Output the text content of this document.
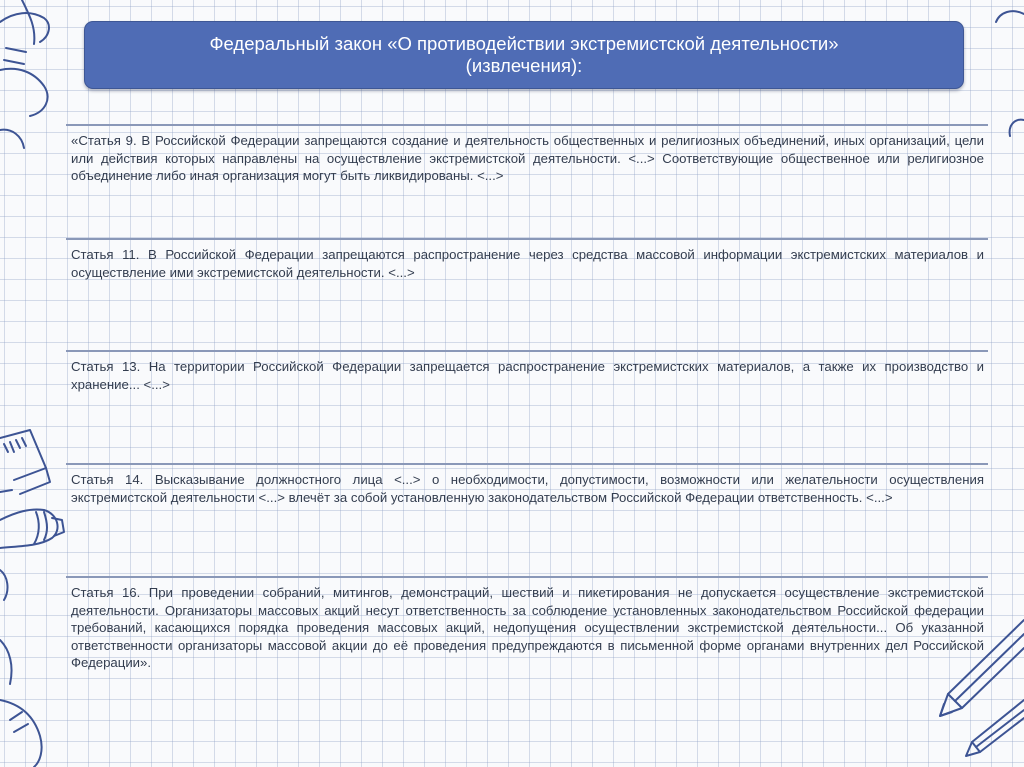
Федеральный закон «О противодействии экстремистской деятельности»
(извлечения):

«Статья 9. В Российской Федерации запрещаются создание и деятельность общественных и религиозных объединений, иных организаций, цели или действия которых направлены на осуществление экстремистской деятельности. <...> Соответствующие общественное или религиозное объединение либо иная организация могут быть ликвидированы. <...>

Статья 11. В Российской Федерации запрещаются распространение через средства массовой информации экстремистских материалов и осуществление ими экстремистской деятельности. <...>

Статья 13. На территории Российской Федерации запрещается распространение экстремистских материалов, а также их производство и хранение... <...>

Статья 14. Высказывание должностного лица <...> о необходимости, допустимости, возможности или желательности осуществления экстремистской деятельности <...> влечёт за собой установленную законодательством Российской Федерации ответственность. <...>

Статья 16. При проведении собраний, митингов, демонстраций, шествий и пикетирования не допускается осуществление экстремистской деятельности. Организаторы массовых акций несут ответственность за соблюдение установленных законодательством Российской федерации требований, касающихся порядка проведения массовых акций, недопущения осуществлении экстремистской деятельности... Об указанной ответственности организаторы массовой акции до её проведения предупреждаются в письменной форме органами внутренних дел Российской Федерации».
